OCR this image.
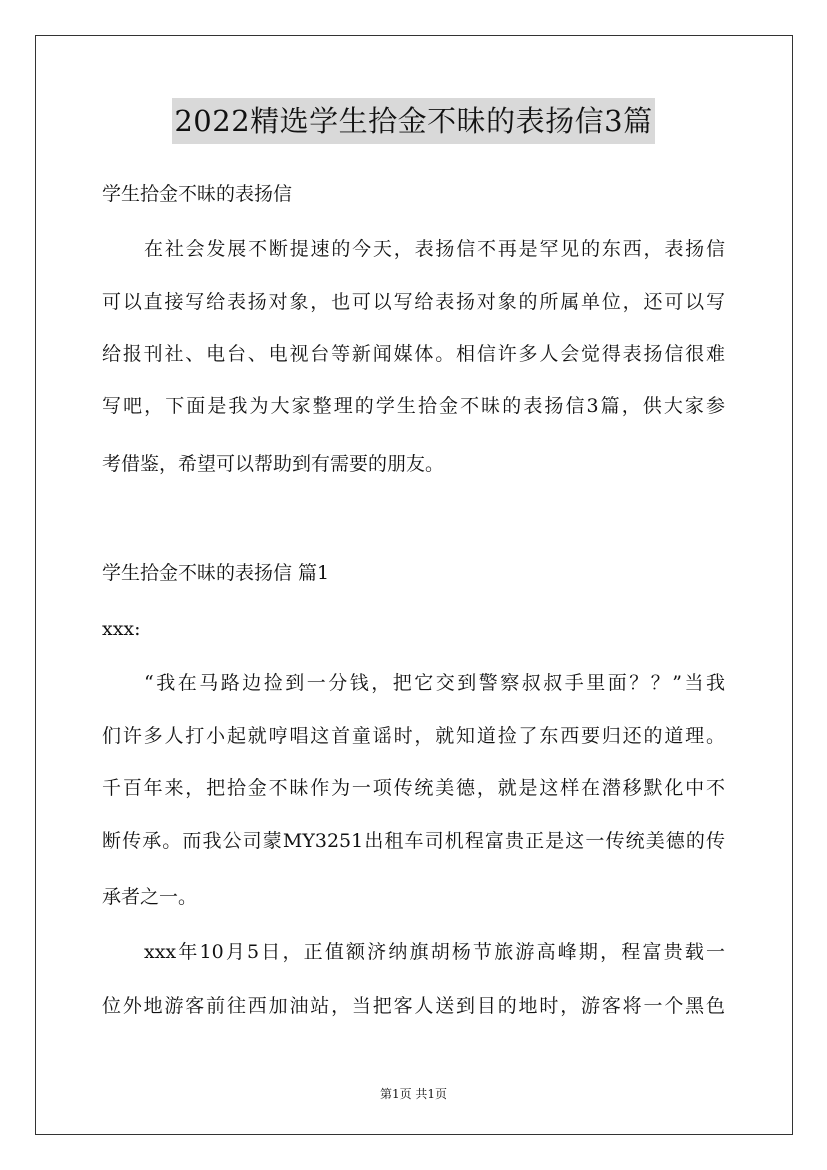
2022精选学生拾金不昧的表扬信3篇
学生拾金不昧的表扬信
在社会发展不断提速的今天，表扬信不再是罕见的东西，表扬信
可以直接写给表扬对象，也可以写给表扬对象的所属单位，还可以写
给报刊社、电台、电视台等新闻媒体。相信许多人会觉得表扬信很难
写吧，下面是我为大家整理的学生拾金不昧的表扬信3篇，供大家参
考借鉴，希望可以帮助到有需要的朋友。
学生拾金不昧的表扬信 篇1
xxx:
“我在马路边捡到一分钱，把它交到警察叔叔手里面？？”当我
们许多人打小起就哼唱这首童谣时，就知道捡了东西要归还的道理。
千百年来，把拾金不昧作为一项传统美德，就是这样在潜移默化中不
断传承。而我公司蒙MY3251出租车司机程富贵正是这一传统美德的传
承者之一。
xxx年10月5日，正值额济纳旗胡杨节旅游高峰期，程富贵载一
位外地游客前往西加油站，当把客人送到目的地时，游客将一个黑色
第1页 共1页
